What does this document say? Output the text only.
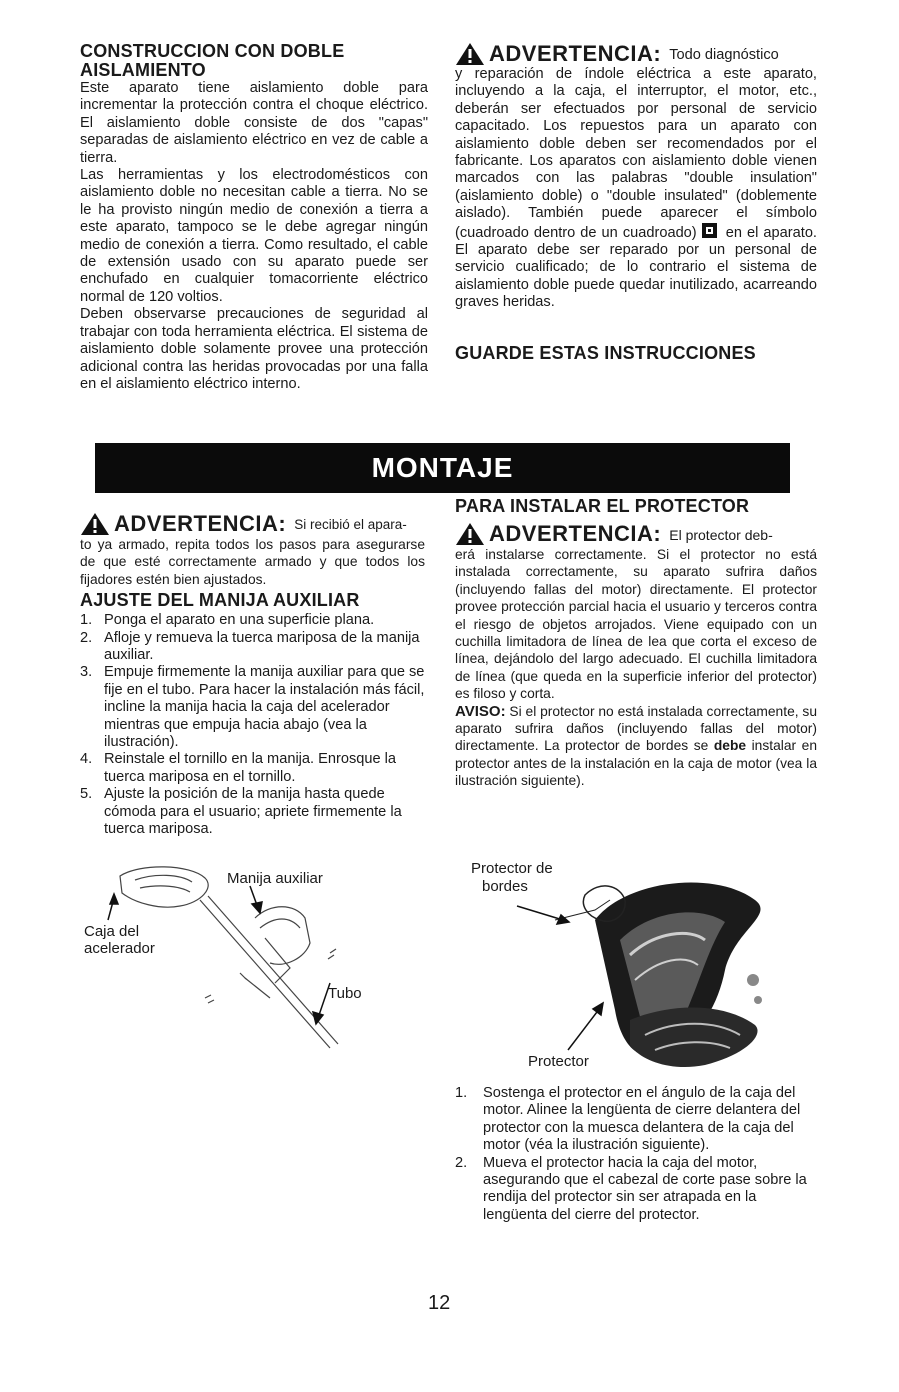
CONSTRUCCION CON DOBLE AISLAMIENTO

Este aparato tiene aislamiento doble para incrementar la protección contra el choque eléctrico. El aislamiento doble consiste de dos "capas" separadas de aislamiento eléctrico en vez de cable a tierra.

Las herramientas y los electrodomésticos con aislamiento doble no necesitan cable a tierra. No se le ha provisto ningún medio de conexión a tierra a este aparato, tampoco se le debe agregar ningún medio de conexión a tierra. Como resultado, el cable de extensión usado con su aparato puede ser enchufado en cualquier tomacorriente eléctrico normal de 120 voltios.

Deben observarse precauciones de seguridad al trabajar con toda herramienta eléctrica. El sistema de aislamiento doble solamente provee una protección adicional contra las heridas provocadas por una falla en el aislamiento eléctrico interno.

ADVERTENCIA: Todo diagnóstico

y reparación de índole eléctrica a este aparato, incluyendo a la caja, el interruptor, el motor, etc., deberán ser efectuados por personal de servicio capacitado. Los repuestos para un aparato con aislamiento doble deben ser recomendados por el fabricante. Los aparatos con aislamiento doble vienen marcados con las palabras "double insulation" (aislamiento doble) o "double insulated" (doblemente aislado). También puede aparecer el símbolo (cuadroado dentro de un cuadroado) en el aparato. El aparato debe ser reparado por un personal de servicio cualificado; de lo contrario el sistema de aislamiento doble puede quedar inutilizado, acarreando graves heridas.

GUARDE ESTAS INSTRUCCIONES
MONTAJE
ADVERTENCIA: Si recibió el apara-

to ya armado, repita todos los pasos para asegurarse de que esté correctamente armado y que todos los fijadores estén bien ajustados.

AJUSTE DEL MANIJA AUXILIAR
1. Ponga el aparato en una superficie plana.
2. Afloje y remueva la tuerca mariposa de la manija auxiliar.
3. Empuje firmemente la manija auxiliar para que se fije en el tubo. Para hacer la instalación más fácil, incline la manija hacia la caja del acelerador mientras que empuja hacia abajo (vea la ilustración).
4. Reinstale el tornillo en la manija. Enrosque la tuerca mariposa en el tornillo.
5. Ajuste la posición de la manija hasta quede cómoda para el usuario; apriete firmemente la tuerca mariposa.
Manija auxiliar
Caja del
acelerador
Tubo
PARA INSTALAR EL PROTECTOR
ADVERTENCIA: El protector deb-

erá instalarse correctamente. Si el protector no está instalada correctamente, su aparato sufrira daños (incluyendo fallas del motor) directamente. El protector provee protección parcial hacia el usuario y terceros contra el riesgo de objetos arrojados. Viene equipado con un cuchilla limitadora de línea de lea que corta el exceso de línea, dejándolo del largo adecuado. El cuchilla limitadora de línea (que queda en la superficie inferior del protector) es filoso y corta.

AVISO: Si el protector no está instalada correctamente, su aparato sufrira daños (incluyendo fallas del motor) directamente. La protector de bordes se debe instalar en protector antes de la instalación en la caja de motor (vea la ilustración siguiente).

Protector de
bordes
Protector
1.	Sostenga el protector en el ángulo de la caja del motor. Alinee la lengüenta de cierre delantera del protector con la muesca delantera de la caja del motor (véa la ilustración siguiente).
2.	Mueva el protector hacia la caja del motor, asegurando que el cabezal de corte pase sobre la rendija del protector sin ser atrapada en la lengüenta del cierre del protector.
12
